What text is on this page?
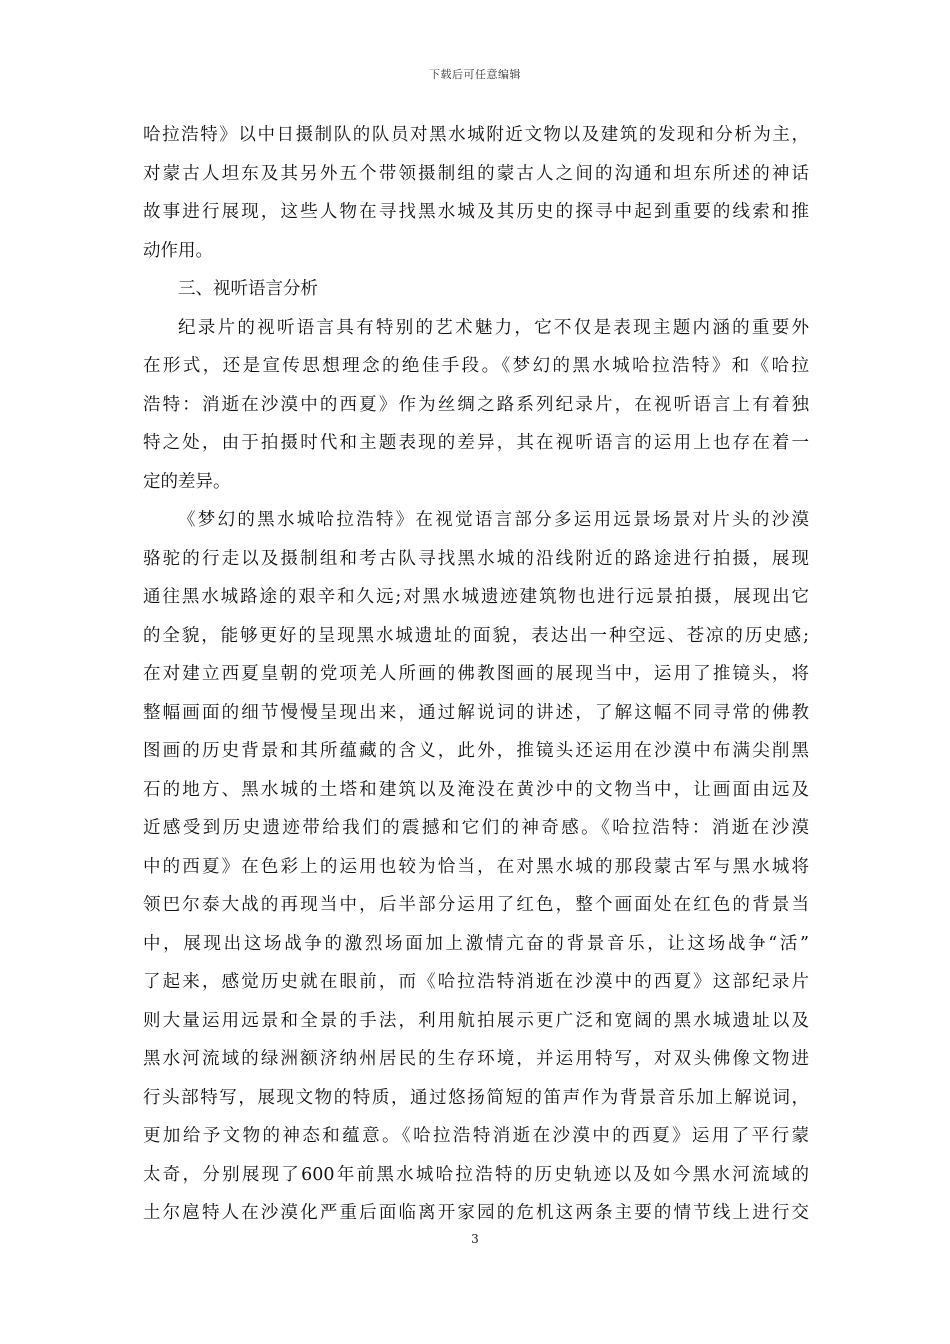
下载后可任意编辑
哈拉浩特》以中日摄制队的队员对黑水城附近文物以及建筑的发现和分析为主，
对蒙古人坦东及其另外五个带领摄制组的蒙古人之间的沟通和坦东所述的神话
故事进行展现，这些人物在寻找黑水城及其历史的探寻中起到重要的线索和推
动作用。
三、视听语言分析
纪录片的视听语言具有特别的艺术魅力，它不仅是表现主题内涵的重要外
在形式，还是宣传思想理念的绝佳手段。《梦幻的黑水城哈拉浩特》和《哈拉
浩特：消逝在沙漠中的西夏》作为丝绸之路系列纪录片，在视听语言上有着独
特之处，由于拍摄时代和主题表现的差异，其在视听语言的运用上也存在着一
定的差异。
《梦幻的黑水城哈拉浩特》在视觉语言部分多运用远景场景对片头的沙漠
骆驼的行走以及摄制组和考古队寻找黑水城的沿线附近的路途进行拍摄，展现
通往黑水城路途的艰辛和久远;对黑水城遗迹建筑物也进行远景拍摄，展现出它
的全貌，能够更好的呈现黑水城遗址的面貌，表达出一种空远、苍凉的历史感;
在对建立西夏皇朝的党项羌人所画的佛教图画的展现当中，运用了推镜头，将
整幅画面的细节慢慢呈现出来，通过解说词的讲述，了解这幅不同寻常的佛教
图画的历史背景和其所蕴藏的含义，此外，推镜头还运用在沙漠中布满尖削黑
石的地方、黑水城的土塔和建筑以及淹没在黄沙中的文物当中，让画面由远及
近感受到历史遗迹带给我们的震撼和它们的神奇感。《哈拉浩特：消逝在沙漠
中的西夏》在色彩上的运用也较为恰当，在对黑水城的那段蒙古军与黑水城将
领巴尔泰大战的再现当中，后半部分运用了红色，整个画面处在红色的背景当
中，展现出这场战争的激烈场面加上激情亢奋的背景音乐，让这场战争“活”
了起来，感觉历史就在眼前，而《哈拉浩特消逝在沙漠中的西夏》这部纪录片
则大量运用远景和全景的手法，利用航拍展示更广泛和宽阔的黑水城遗址以及
黑水河流域的绿洲额济纳州居民的生存环境，并运用特写，对双头佛像文物进
行头部特写，展现文物的特质，通过悠扬简短的笛声作为背景音乐加上解说词，
更加给予文物的神态和蕴意。《哈拉浩特消逝在沙漠中的西夏》运用了平行蒙
太奇，分别展现了600年前黑水城哈拉浩特的历史轨迹以及如今黑水河流域的
土尔扈特人在沙漠化严重后面临离开家园的危机这两条主要的情节线上进行交
3
